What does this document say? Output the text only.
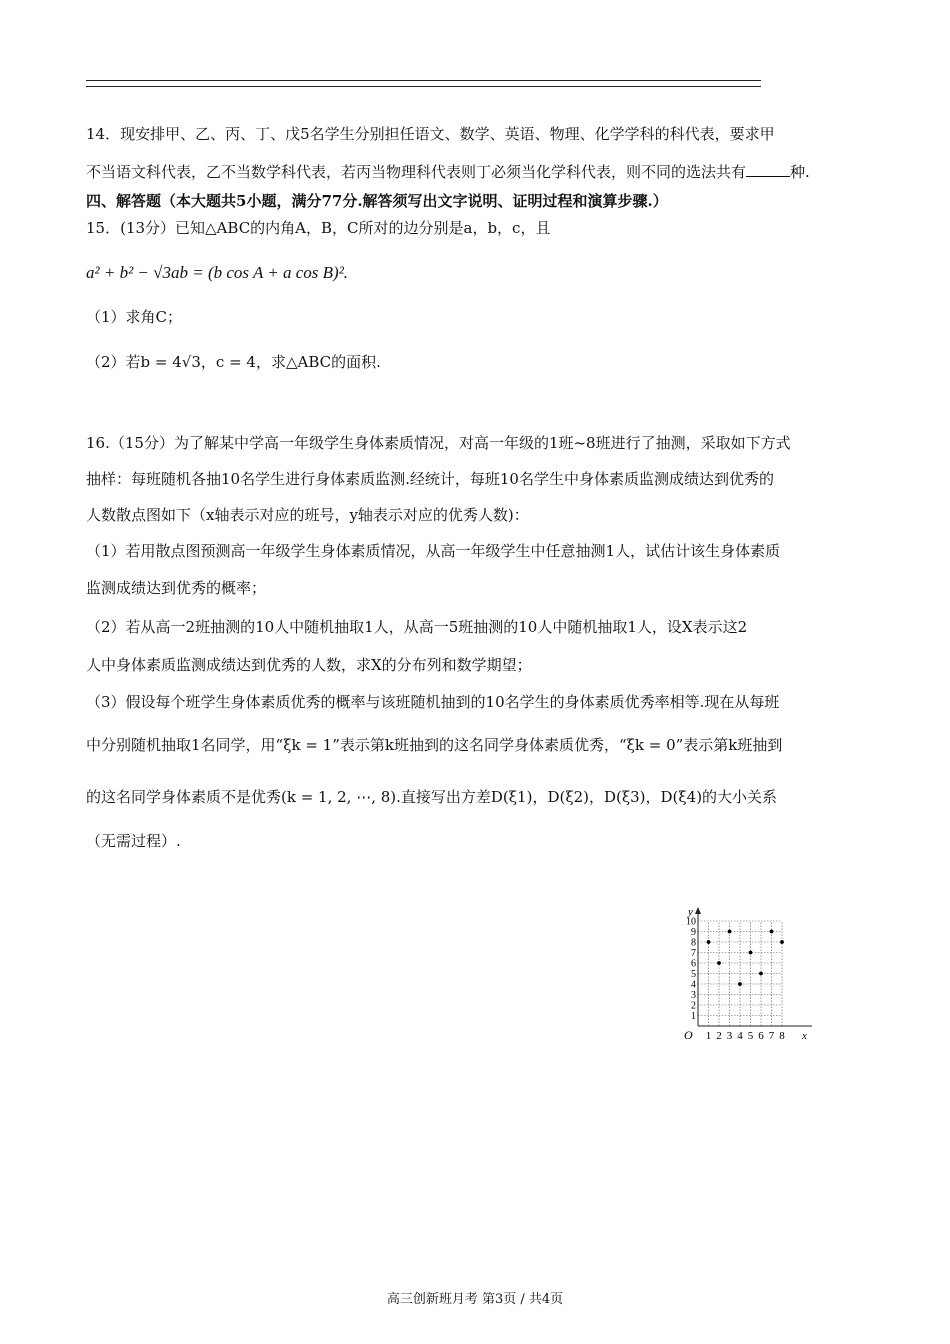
14．现安排甲、乙、丙、丁、戊5名学生分别担任语文、数学、英语、物理、化学学科的科代表，要求甲
不当语文科代表，乙不当数学科代表，若丙当物理科代表则丁必须当化学科代表，则不同的选法共有	种.
四、解答题（本大题共5小题，满分77分.解答须写出文字说明、证明过程和演算步骤.）
15．(13分）已知△ABC的内角A，B，C所对的边分别是a，b，c，且
a² + b² − √3ab = (b cos A + a cos B)².
（1）求角C；
（2）若b = 4√3，c = 4，求△ABC的面积.
16.（15分）为了解某中学高一年级学生身体素质情况，对高一年级的1班~8班进行了抽测，采取如下方式
抽样：每班随机各抽10名学生进行身体素质监测.经统计，每班10名学生中身体素质监测成绩达到优秀的
人数散点图如下（x轴表示对应的班号，y轴表示对应的优秀人数)：
（1）若用散点图预测高一年级学生身体素质情况，从高一年级学生中任意抽测1人，试估计该生身体素质
监测成绩达到优秀的概率；
（2）若从高一2班抽测的10人中随机抽取1人，从高一5班抽测的10人中随机抽取1人，设X表示这2
人中身体素质监测成绩达到优秀的人数，求X的分布列和数学期望；
（3）假设每个班学生身体素质优秀的概率与该班随机抽到的10名学生的身体素质优秀率相等.现在从每班
中分别随机抽取1名同学，用“ξk = 1”表示第k班抽到的这名同学身体素质优秀，“ξk = 0”表示第k班抽到
的这名同学身体素质不是优秀(k = 1, 2, ⋯, 8).直接写出方差D(ξ1)，D(ξ2)，D(ξ3)，D(ξ4)的大小关系
（无需过程）.
x
y
O 1 2 3 4 5 6 7 8
1
2
3
4
5
6
7
8
9
10
高三创新班月考 第3页 / 共4页
